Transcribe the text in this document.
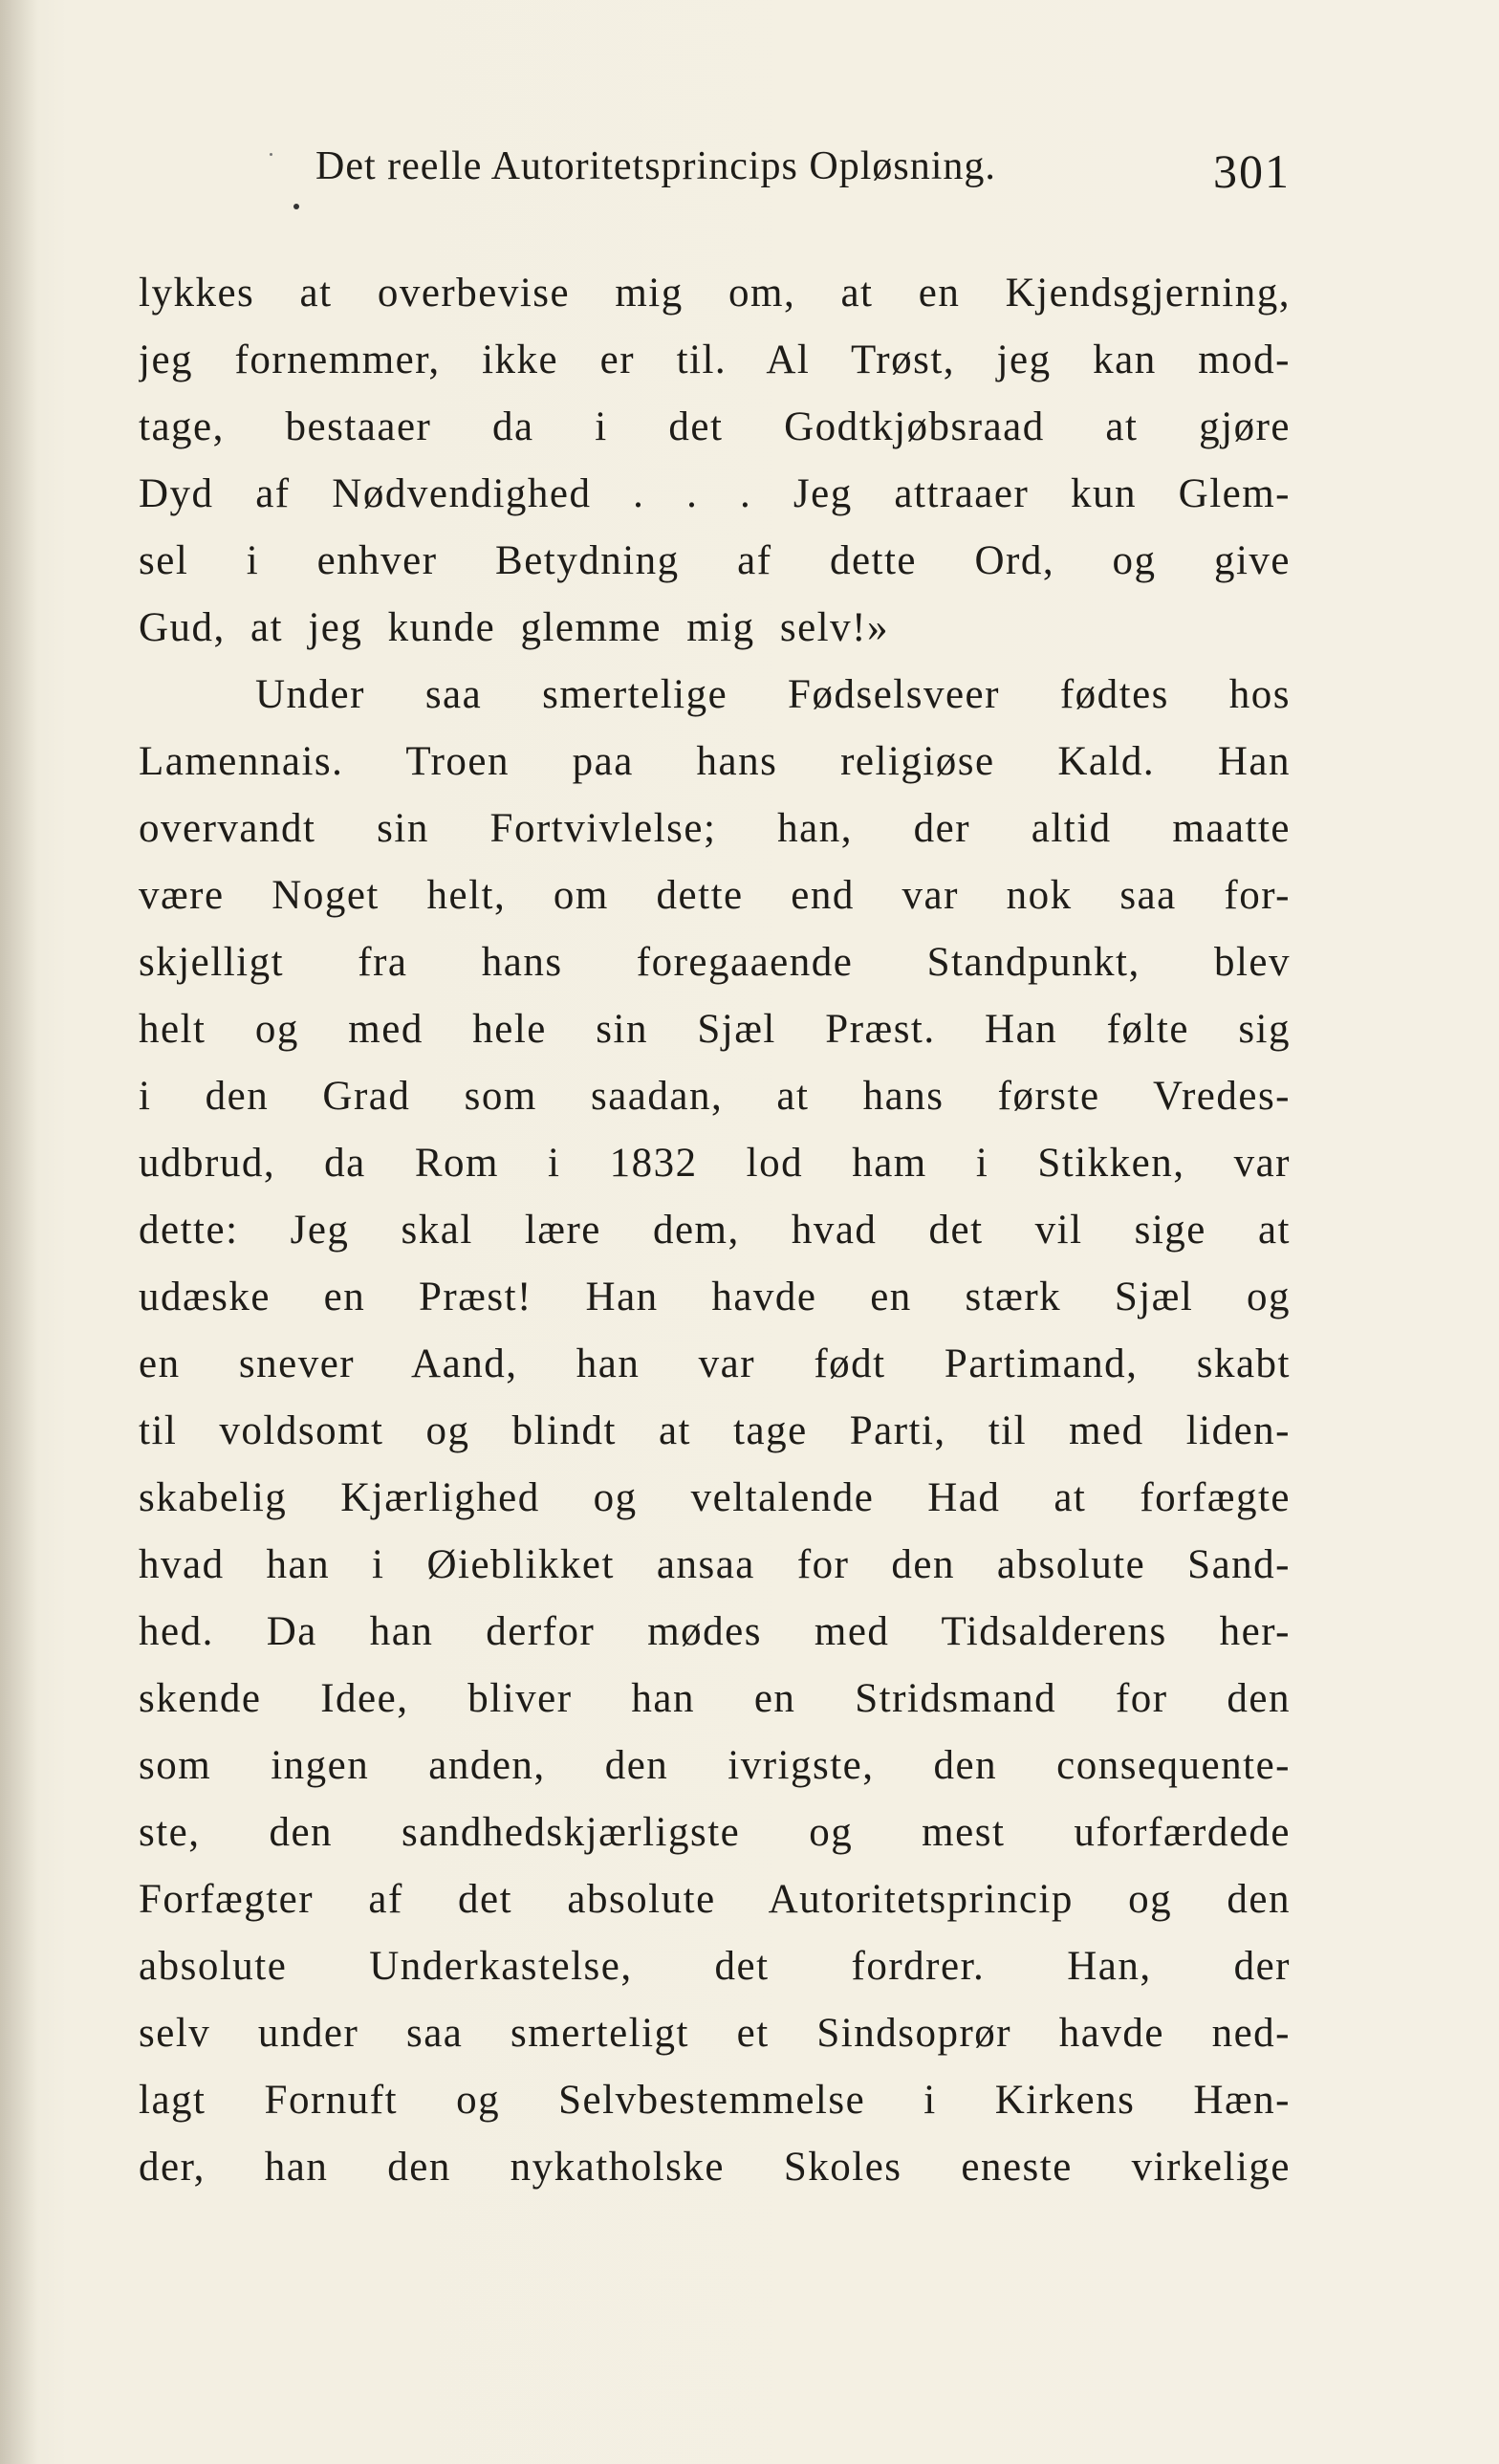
Det reelle Autoritetsprincips Opløsning.	301
lykkes at overbevise mig om, at en Kjendsgjerning,
jeg fornemmer, ikke er til. Al Trøst, jeg kan mod-
tage, bestaaer da i det Godtkjøbsraad at gjøre
Dyd af Nødvendighed . . . Jeg attraaer kun Glem-
sel i enhver Betydning af dette Ord, og give
Gud, at jeg kunde glemme mig selv!»
Under saa smertelige Fødselsveer fødtes hos
Lamennais. Troen paa hans religiøse Kald. Han
overvandt sin Fortvivlelse; han, der altid maatte
være Noget helt, om dette end var nok saa for-
skjelligt fra hans foregaaende Standpunkt, blev
helt og med hele sin Sjæl Præst. Han følte sig
i den Grad som saadan, at hans første Vredes-
udbrud, da Rom i 1832 lod ham i Stikken, var
dette: Jeg skal lære dem, hvad det vil sige at
udæske en Præst! Han havde en stærk Sjæl og
en snever Aand, han var født Partimand, skabt
til voldsomt og blindt at tage Parti, til med liden-
skabelig Kjærlighed og veltalende Had at forfægte
hvad han i Øieblikket ansaa for den absolute Sand-
hed. Da han derfor mødes med Tidsalderens her-
skende Idee, bliver han en Stridsmand for den
som ingen anden, den ivrigste, den consequente-
ste, den sandhedskjærligste og mest uforfærdede
Forfægter af det absolute Autoritetsprincip og den
absolute Underkastelse, det fordrer. Han, der
selv under saa smerteligt et Sindsoprør havde ned-
lagt Fornuft og Selvbestemmelse i Kirkens Hæn-
der, han den nykatholske Skoles eneste virkelige
